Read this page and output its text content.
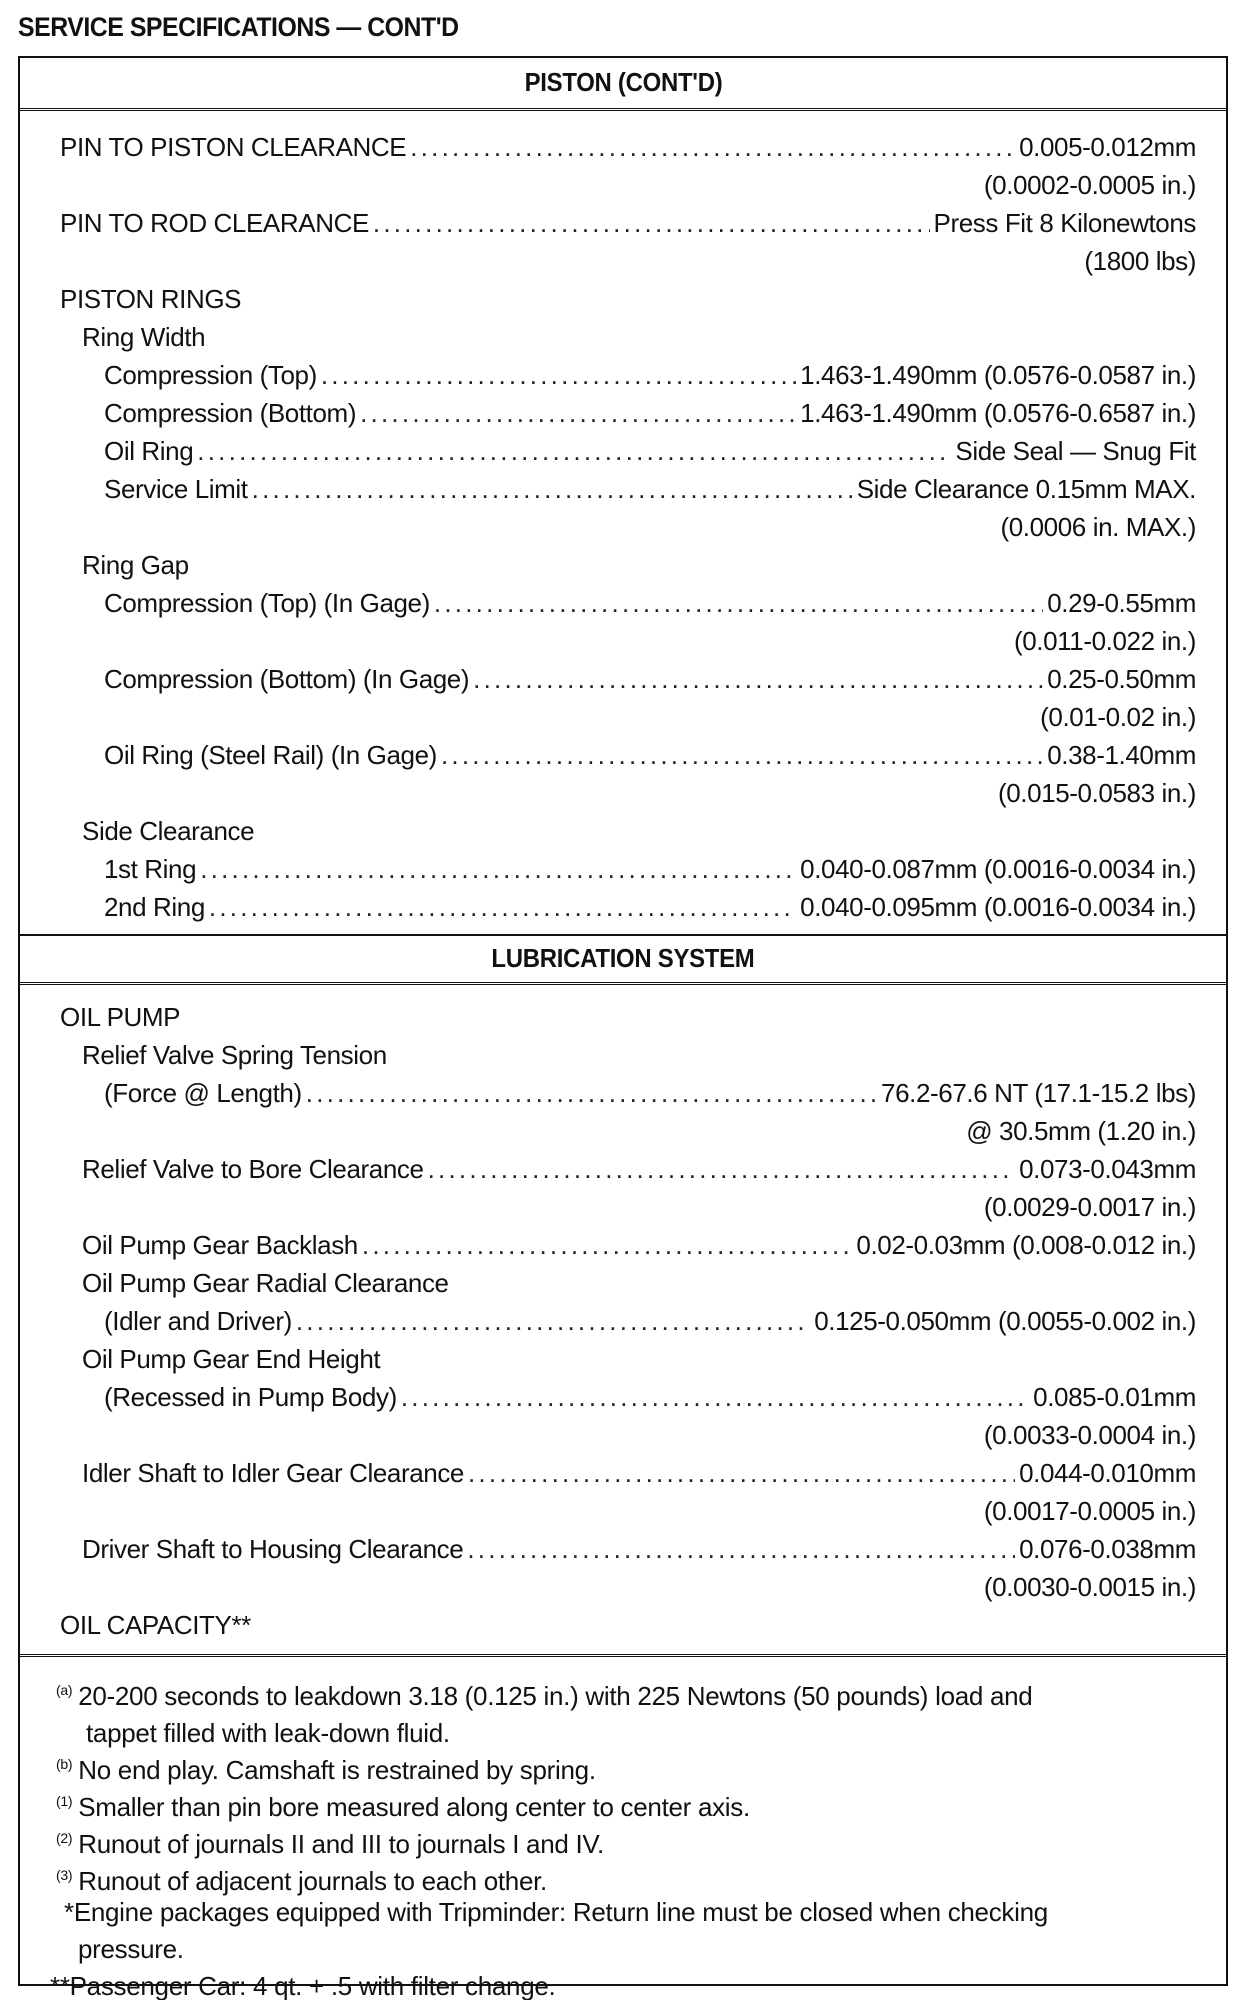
SERVICE SPECIFICATIONS — CONT'D
PISTON (CONT'D)
PIN TO PISTON CLEARANCE . . .	0.005-0.012mm
(0.0002-0.0005 in.)
PIN TO ROD CLEARANCE . . .	Press Fit 8 Kilonewtons
(1800 lbs)
PISTON RINGS
Ring Width
Compression (Top) . . .	1.463-1.490mm (0.0576-0.0587 in.)
Compression (Bottom) . . .	1.463-1.490mm (0.0576-0.6587 in.)
Oil Ring . . .	Side Seal — Snug Fit
Service Limit . . .	Side Clearance 0.15mm MAX.
(0.0006 in. MAX.)
Ring Gap
Compression (Top) (In Gage) . . .	0.29-0.55mm
(0.011-0.022 in.)
Compression (Bottom) (In Gage) . . .	0.25-0.50mm
(0.01-0.02 in.)
Oil Ring (Steel Rail) (In Gage) . . .	0.38-1.40mm
(0.015-0.0583 in.)
Side Clearance
1st Ring . . .	0.040-0.087mm (0.0016-0.0034 in.)
2nd Ring . . .	0.040-0.095mm (0.0016-0.0034 in.)
LUBRICATION SYSTEM
OIL PUMP
Relief Valve Spring Tension
(Force @ Length) . . .	76.2-67.6 NT (17.1-15.2 lbs)
@ 30.5mm (1.20 in.)
Relief Valve to Bore Clearance . . .	0.073-0.043mm
(0.0029-0.0017 in.)
Oil Pump Gear Backlash . . .	0.02-0.03mm (0.008-0.012 in.)
Oil Pump Gear Radial Clearance
(Idler and Driver) . . .	0.125-0.050mm (0.0055-0.002 in.)
Oil Pump Gear End Height
(Recessed in Pump Body) . . .	0.085-0.01mm
(0.0033-0.0004 in.)
Idler Shaft to Idler Gear Clearance . . .	0.044-0.010mm
(0.0017-0.0005 in.)
Driver Shaft to Housing Clearance . . .	0.076-0.038mm
(0.0030-0.0015 in.)
OIL CAPACITY**
$^{(a)}$ 20-200 seconds to leakdown 3.18 (0.125 in.) with 225 Newtons (50 pounds) load and
tappet filled with leak-down fluid.
$^{(b)}$ No end play. Camshaft is restrained by spring.
$^{(1)}$ Smaller than pin bore measured along center to center axis.
$^{(2)}$ Runout of journals II and III to journals I and IV.
$^{(3)}$ Runout of adjacent journals to each other.
*Engine packages equipped with Tripminder: Return line must be closed when checking
pressure.
**Passenger Car: 4 qt. + .5 with filter change.
